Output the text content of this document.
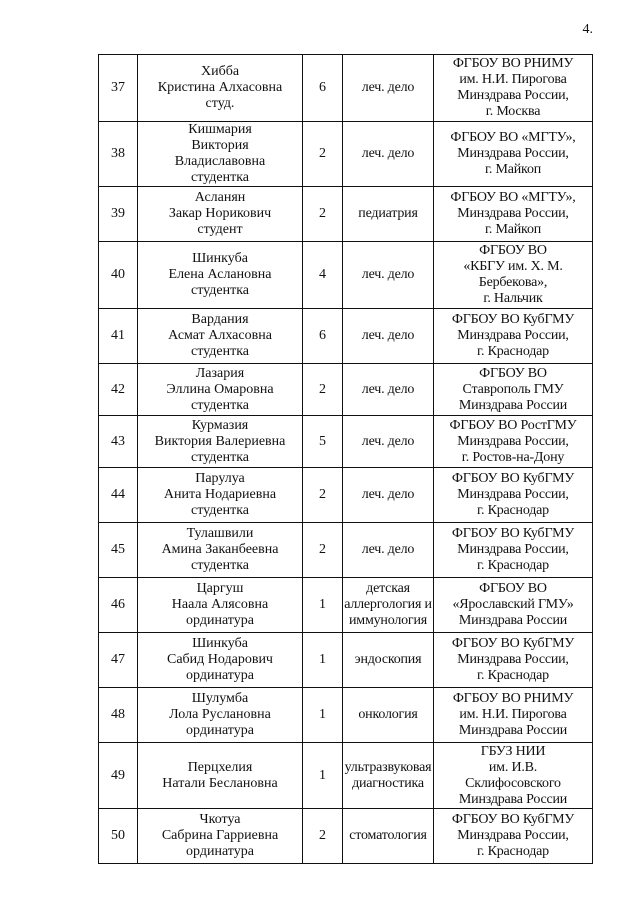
4.
37	Хибба
Кристина Алхасовна
студ.	6	леч. дело	ФГБОУ ВО РНИМУ
им. Н.И. Пирогова
Минздрава России,
г. Москва
38	Кишмария
Виктория
Владиславовна
студентка	2	леч. дело	ФГБОУ ВО «МГТУ»,
Минздрава России,
г. Майкоп
39	Асланян
Закар Норикович
студент	2	педиатрия	ФГБОУ ВО «МГТУ»,
Минздрава России,
г. Майкоп
40	Шинкуба
Елена Аслановна
студентка	4	леч. дело	ФГБОУ ВО
«КБГУ им. Х. М.
Бербекова»,
г. Нальчик
41	Вардания
Асмат Алхасовна
студентка	6	леч. дело	ФГБОУ ВО КубГМУ
Минздрава России,
г. Краснодар
42	Лазария
Эллина Омаровна
студентка	2	леч. дело	ФГБОУ ВО
Ставрополь ГМУ
Минздрава России
43	Курмазия
Виктория Валериевна
студентка	5	леч. дело	ФГБОУ ВО РостГМУ
Минздрава России,
г. Ростов-на-Дону
44	Парулуа
Анита Нодариевна
студентка	2	леч. дело	ФГБОУ ВО КубГМУ
Минздрава России,
г. Краснодар
45	Тулашвили
Амина Заканбеевна
студентка	2	леч. дело	ФГБОУ ВО КубГМУ
Минздрава России,
г. Краснодар
46	Царгуш
Наала Алясовна
ординатура	1	детская
аллергология и
иммунология	ФГБОУ ВО
«Ярославский ГМУ»
Минздрава России
47	Шинкуба
Сабид Нодарович
ординатура	1	эндоскопия	ФГБОУ ВО КубГМУ
Минздрава России,
г. Краснодар
48	Шулумба
Лола Руслановна
ординатура	1	онкология	ФГБОУ ВО РНИМУ
им. Н.И. Пирогова
Минздрава России
49	Перцхелия
Натали Беслановна	1	ультразвуковая
диагностика	ГБУЗ НИИ
им. И.В.
Склифосовского
Минздрава России
50	Чкотуа
Сабрина Гарриевна
ординатура	2	стоматология	ФГБОУ ВО КубГМУ
Минздрава России,
г. Краснодар
